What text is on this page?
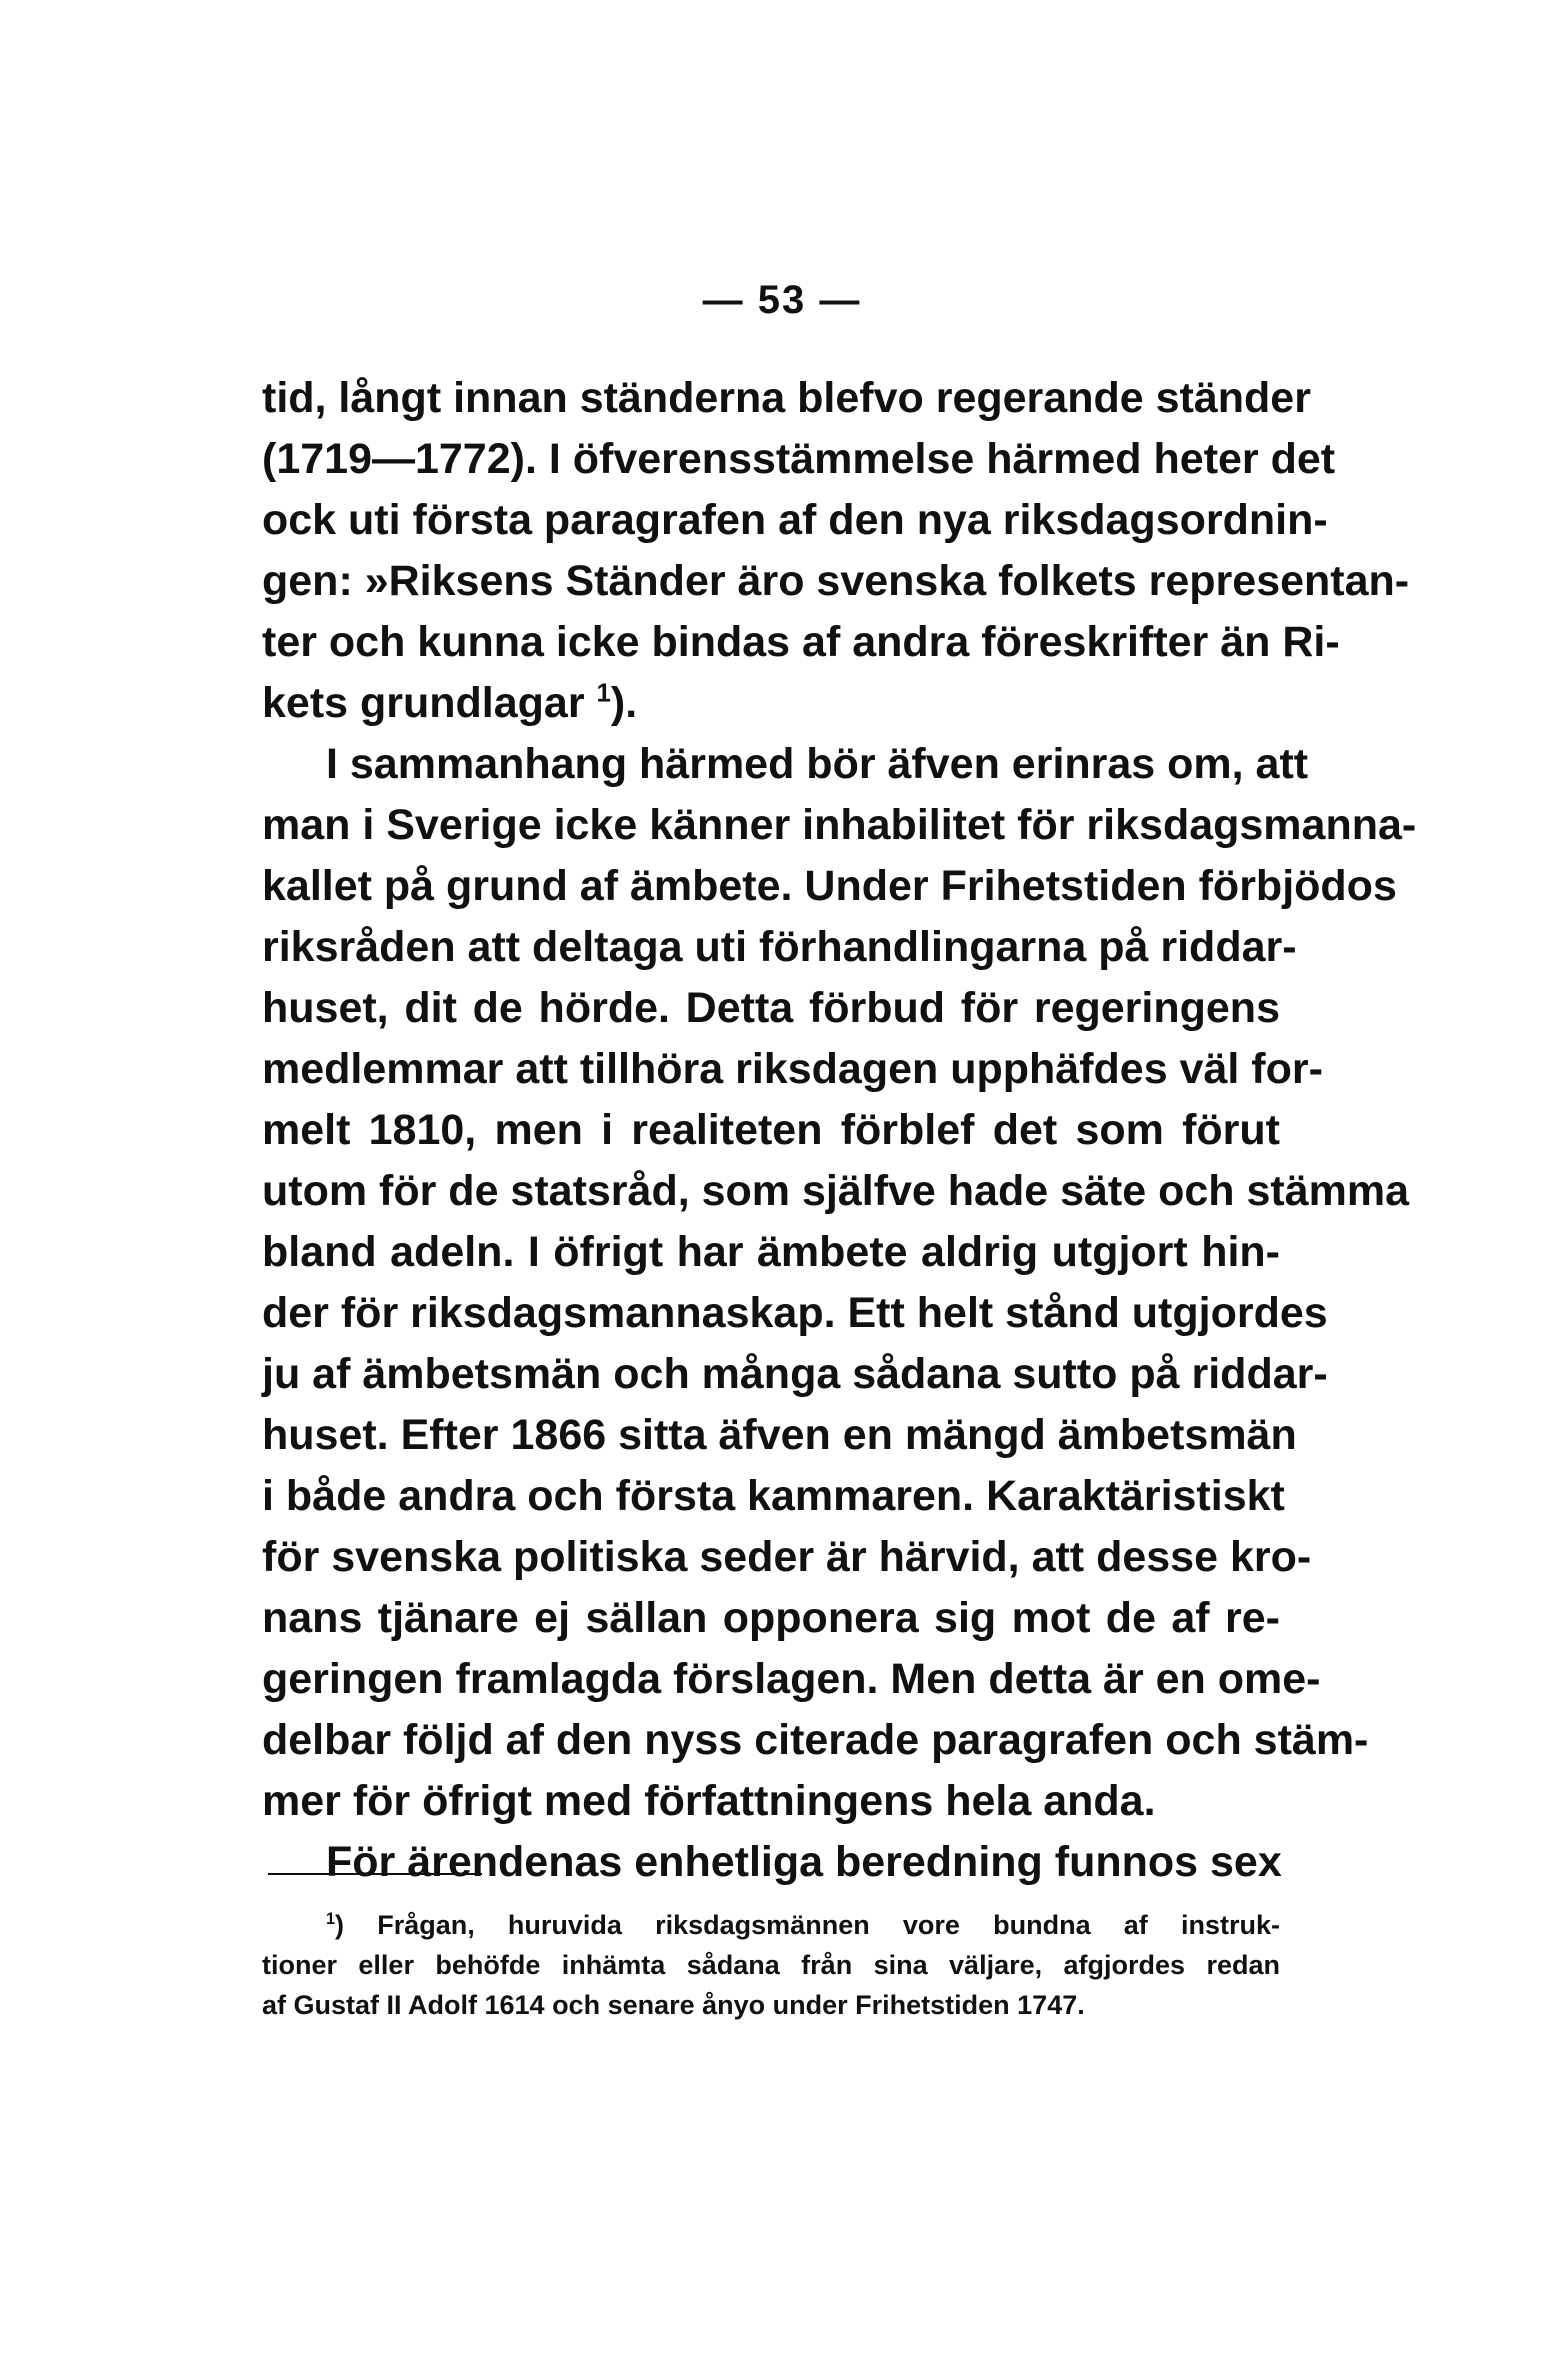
— 53 —
tid, långt innan ständerna blefvo regerande ständer
(1719—1772). I öfverensstämmelse härmed heter det
ock uti första paragrafen af den nya riksdagsordnin-
gen: »Riksens Ständer äro svenska folkets representan-
ter och kunna icke bindas af andra föreskrifter än Ri-
kets grundlagar $^1$).
I sammanhang härmed bör äfven erinras om, att
man i Sverige icke känner inhabilitet för riksdagsmanna-
kallet på grund af ämbete. Under Frihetstiden förbjödos
riksråden att deltaga uti förhandlingarna på riddar-
huset, dit de hörde. Detta förbud för regeringens
medlemmar att tillhöra riksdagen upphäfdes väl for-
melt 1810, men i realiteten förblef det som förut
utom för de statsråd, som själfve hade säte och stämma
bland adeln. I öfrigt har ämbete aldrig utgjort hin-
der för riksdagsmannaskap. Ett helt stånd utgjordes
ju af ämbetsmän och många sådana sutto på riddar-
huset. Efter 1866 sitta äfven en mängd ämbetsmän
i både andra och första kammaren. Karaktäristiskt
för svenska politiska seder är härvid, att desse kro-
nans tjänare ej sällan opponera sig mot de af re-
geringen framlagda förslagen. Men detta är en ome-
delbar följd af den nyss citerade paragrafen och stäm-
mer för öfrigt med författningens hela anda.
För ärendenas enhetliga beredning funnos sex
$^1$) Frågan, huruvida riksdagsmännen vore bundna af instruk-
tioner eller behöfde inhämta sådana från sina väljare, afgjordes redan
af Gustaf II Adolf 1614 och senare ånyo under Frihetstiden 1747.
